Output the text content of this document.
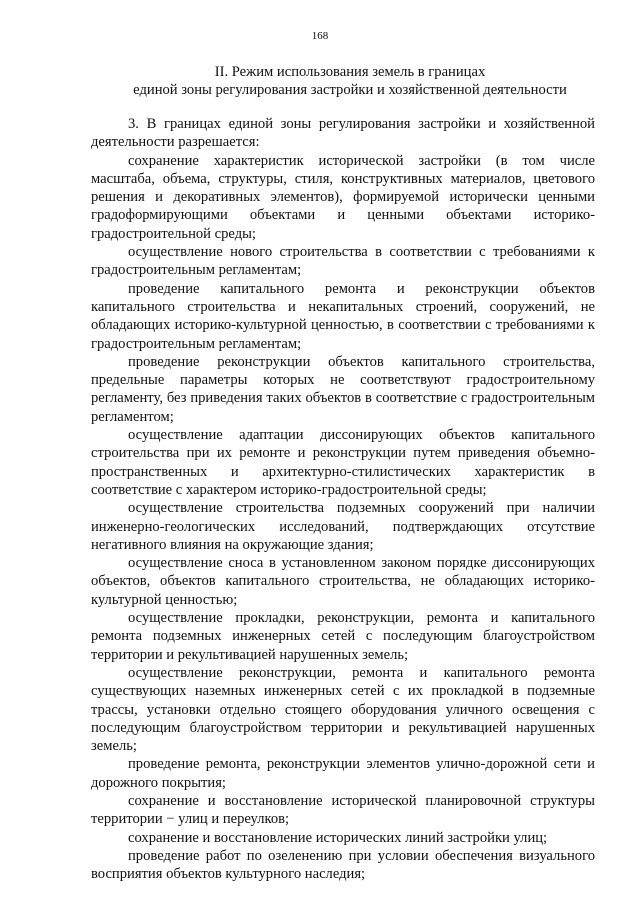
168
II. Режим использования земель в границах
единой зоны регулирования застройки и хозяйственной деятельности

3. В границах единой зоны регулирования застройки и хозяйственной деятельности разрешается:

сохранение характеристик исторической застройки (в том числе масштаба, объема, структуры, стиля, конструктивных материалов, цветового решения и декоративных элементов), формируемой исторически ценными градоформирующими объектами и ценными объектами историко-градостроительной среды;

осуществление нового строительства в соответствии с требованиями к градостроительным регламентам;

проведение капитального ремонта и реконструкции объектов капитального строительства и некапитальных строений, сооружений, не обладающих историко-культурной ценностью, в соответствии с требованиями к градостроительным регламентам;

проведение реконструкции объектов капитального строительства, предельные параметры которых не соответствуют градостроительному регламенту, без приведения таких объектов в соответствие с градостроительным регламентом;

осуществление адаптации диссонирующих объектов капитального строительства при их ремонте и реконструкции путем приведения объемно-пространственных и архитектурно-стилистических характеристик в соответствие с характером историко-градостроительной среды;

осуществление строительства подземных сооружений при наличии инженерно-геологических исследований, подтверждающих отсутствие негативного влияния на окружающие здания;

осуществление сноса в установленном законом порядке диссонирующих объектов, объектов капитального строительства, не обладающих историко-культурной ценностью;

осуществление прокладки, реконструкции, ремонта и капитального ремонта подземных инженерных сетей с последующим благоустройством территории и рекультивацией нарушенных земель;

осуществление реконструкции, ремонта и капитального ремонта существующих наземных инженерных сетей с их прокладкой в подземные трассы, установки отдельно стоящего оборудования уличного освещения с последующим благоустройством территории и рекультивацией нарушенных земель;

проведение ремонта, реконструкции элементов улично-дорожной сети и дорожного покрытия;

сохранение и восстановление исторической планировочной структуры территории − улиц и переулков;

сохранение и восстановление исторических линий застройки улиц;

проведение работ по озеленению при условии обеспечения визуального восприятия объектов культурного наследия;
